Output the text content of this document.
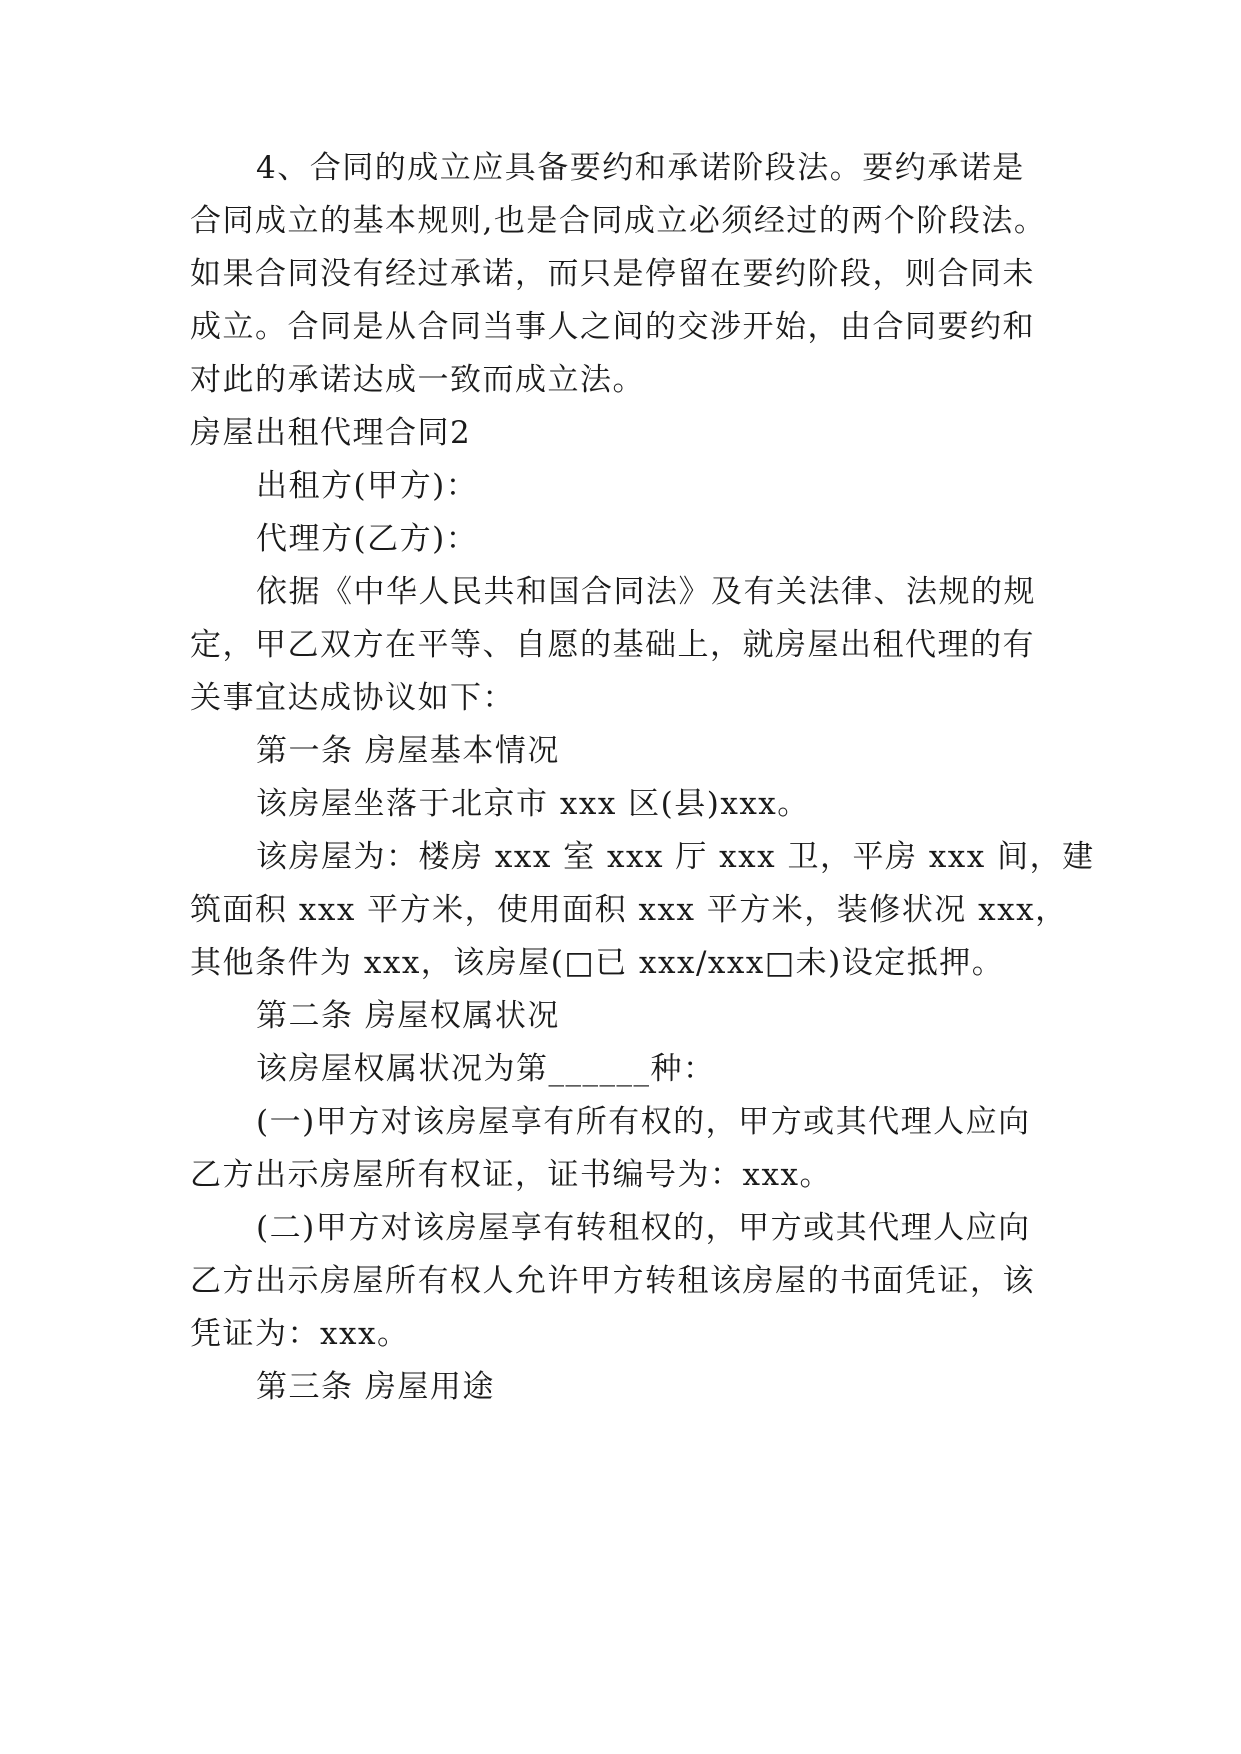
4、合同的成立应具备要约和承诺阶段法。要约承诺是

合同成立的基本规则,也是合同成立必须经过的两个阶段法。

如果合同没有经过承诺，而只是停留在要约阶段，则合同未

成立。合同是从合同当事人之间的交涉开始，由合同要约和

对此的承诺达成一致而成立法。

房屋出租代理合同2

出租方(甲方)：

代理方(乙方)：

依据《中华人民共和国合同法》及有关法律、法规的规

定，甲乙双方在平等、自愿的基础上，就房屋出租代理的有

关事宜达成协议如下：

第一条 房屋基本情况

该房屋坐落于北京市 xxx 区(县)xxx。

该房屋为：楼房 xxx 室 xxx 厅 xxx 卫，平房 xxx 间，建

筑面积 xxx 平方米，使用面积 xxx 平方米，装修状况 xxx，

其他条件为 xxx，该房屋(□已 xxx/xxx□未)设定抵押。

第二条 房屋权属状况

该房屋权属状况为第______种：

(一)甲方对该房屋享有所有权的，甲方或其代理人应向

乙方出示房屋所有权证，证书编号为：xxx。

(二)甲方对该房屋享有转租权的，甲方或其代理人应向

乙方出示房屋所有权人允许甲方转租该房屋的书面凭证，该

凭证为：xxx。

第三条 房屋用途
